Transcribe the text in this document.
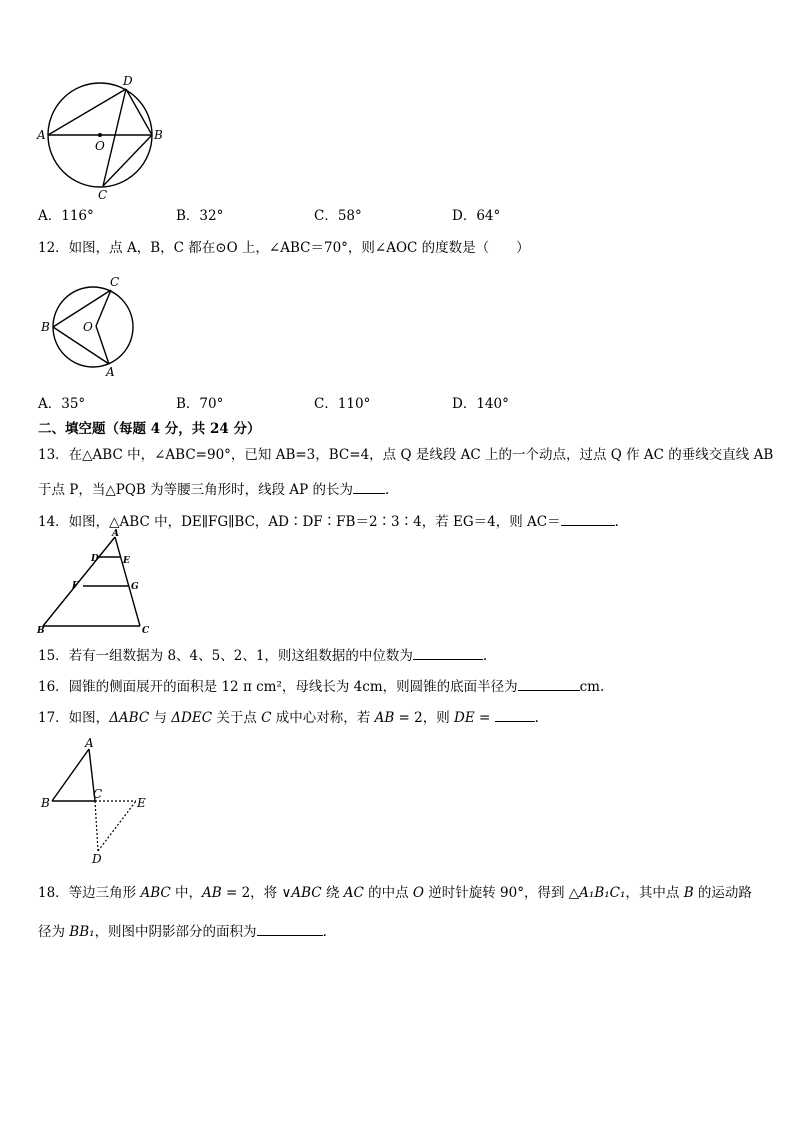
A	B
D
O
C
A．116°	B．32°	C．58°	D．64°
12．如图，点 A，B，C 都在⊙O 上，∠ABC＝70°，则∠AOC 的度数是（　　）
C
B	O
A
A．35°	B．70°	C．110°	D．140°
二、填空题（每题 4 分，共 24 分）
13．在△ABC 中，∠ABC=90°，已知 AB=3，BC=4，点 Q 是线段 AC 上的一个动点，过点 Q 作 AC 的垂线交直线 AB
于点 P，当△PQB 为等腰三角形时，线段 AP 的长为 .
14．如图，△ABC 中，DE∥FG∥BC，AD∶DF∶FB＝2∶3∶4，若 EG＝4，则 AC＝	.
A
D	E
F	G
B	C
15．若有一组数据为 8、4、5、2、1，则这组数据的中位数为	.
16．圆锥的侧面展开的面积是 12 π cm²，母线长为 4cm，则圆锥的底面半径为	cm.
17．如图，ΔABC 与 ΔDEC 关于点 C 成中心对称，若 AB = 2，则 DE =	.
A
B
C
E
D
18．等边三角形 ABC 中，AB = 2，将 ∨ABC 绕 AC 的中点 O 逆时针旋转 90°，得到 △A₁B₁C₁，其中点 B 的运动路
径为 BB₁，则图中阴影部分的面积为	.
